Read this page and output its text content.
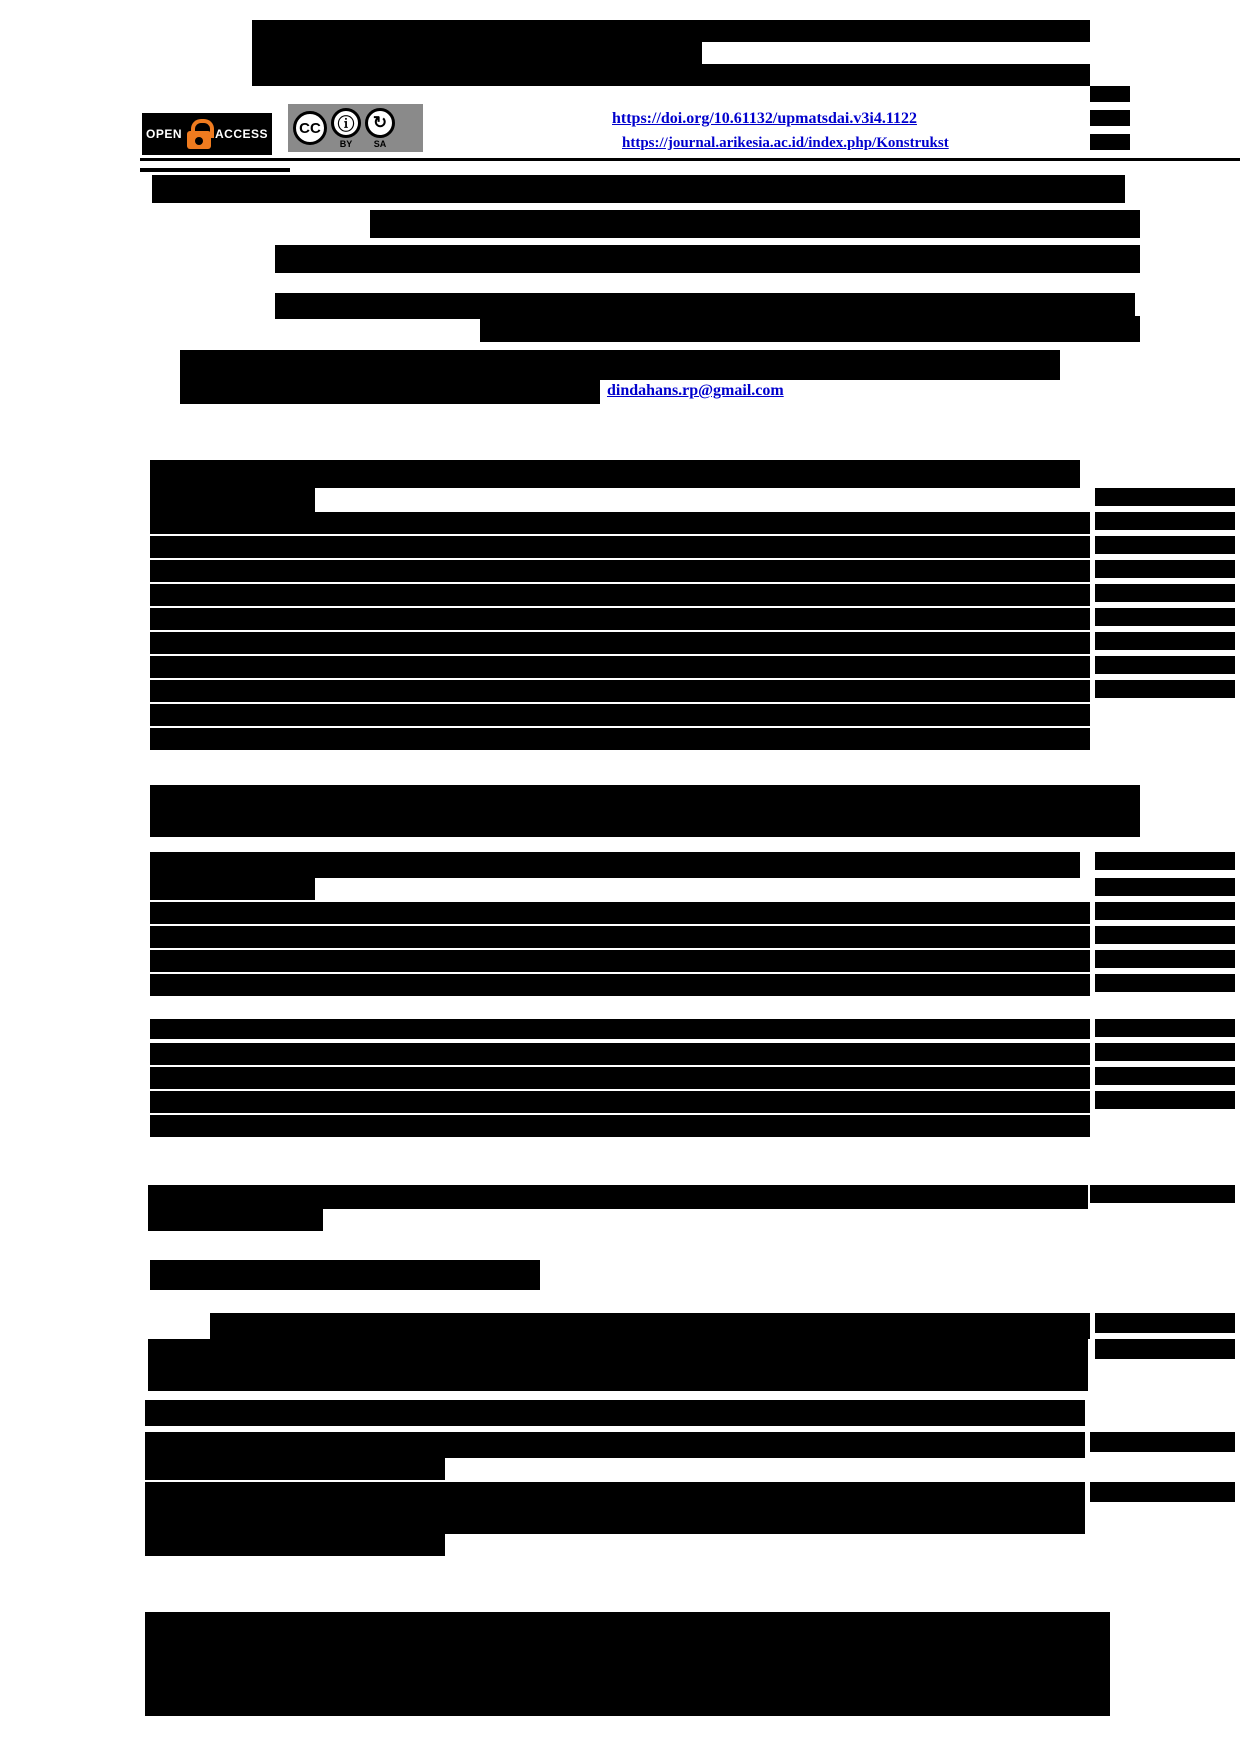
OPEN	ACCESS	CC ⓘ
BY
↻
SA
https://doi.org/10.61132/upmatsdai.v3i4.1122
https://journal.arikesia.ac.id/index.php/Konstrukst
dindahans.rp@gmail.com
